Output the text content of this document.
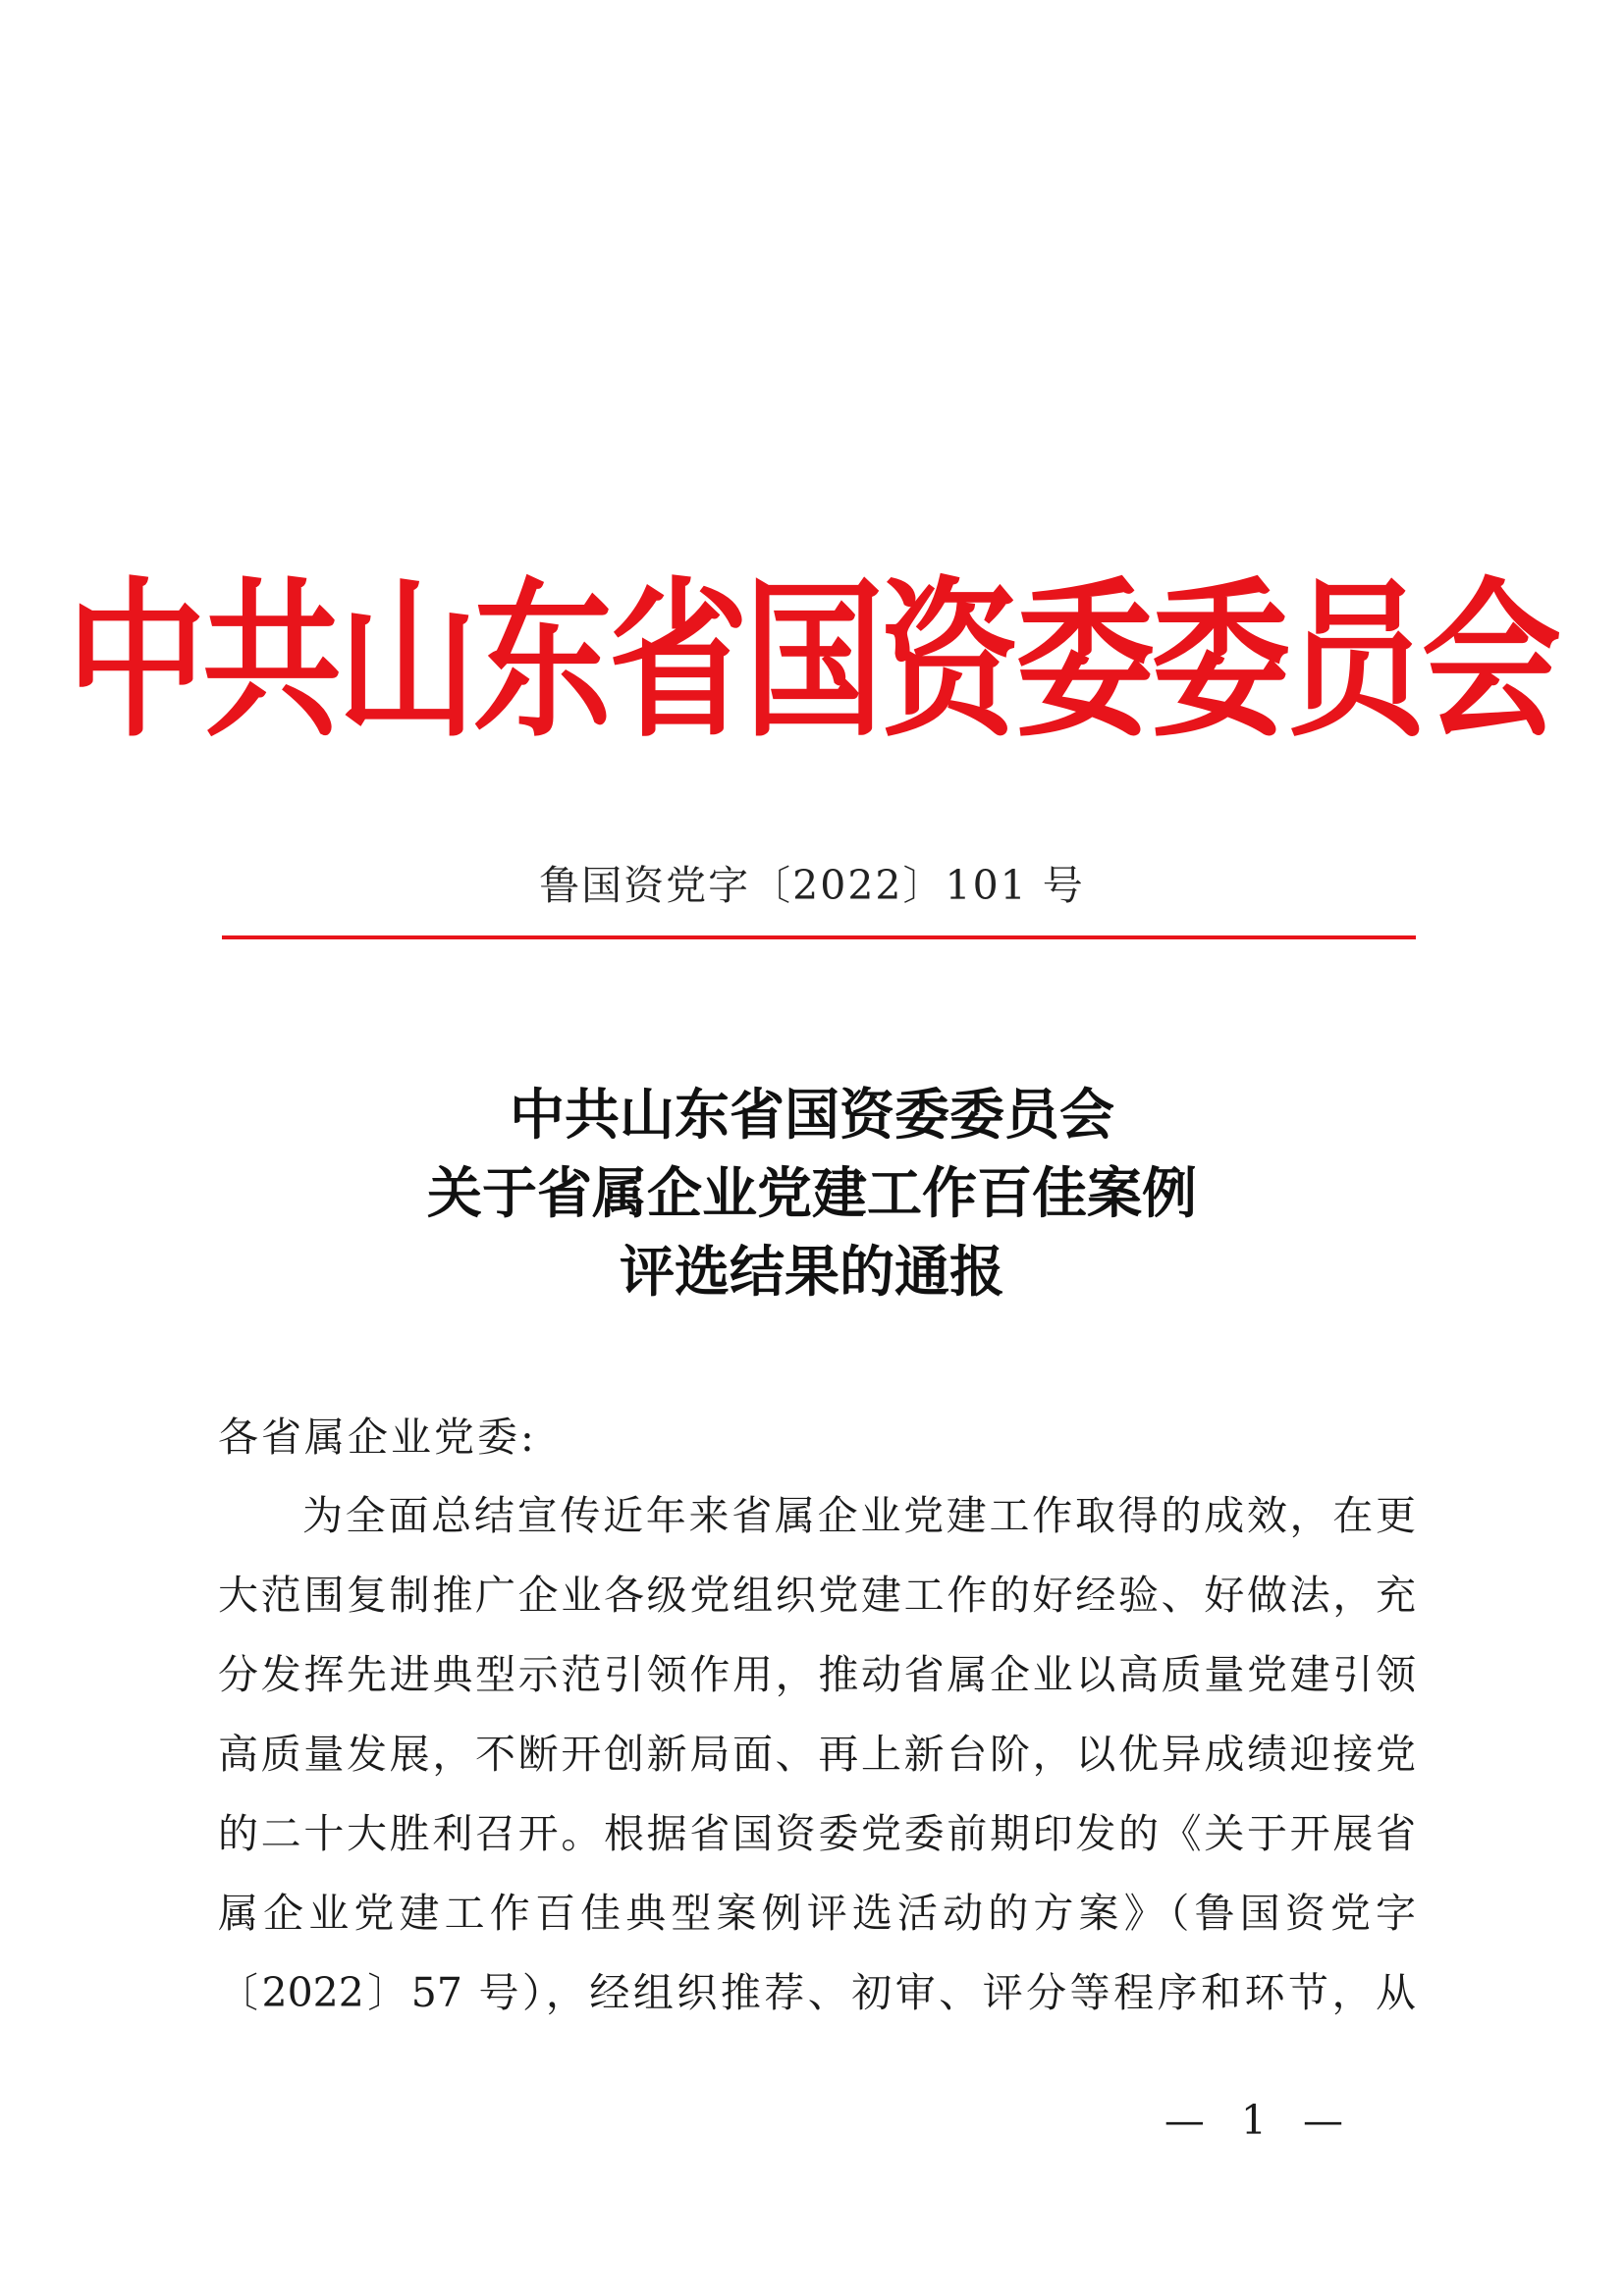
中共山东省国资委委员会
鲁国资党字〔2022〕101 号
中共山东省国资委委员会
关于省属企业党建工作百佳案例
评选结果的通报
各省属企业党委:
为全面总结宣传近年来省属企业党建工作取得的成效，在更
大范围复制推广企业各级党组织党建工作的好经验、好做法，充
分发挥先进典型示范引领作用，推动省属企业以高质量党建引领
高质量发展，不断开创新局面、再上新台阶，以优异成绩迎接党
的二十大胜利召开。根据省国资委党委前期印发的《关于开展省
属企业党建工作百佳典型案例评选活动的方案》（鲁国资党字
〔2022〕57 号），经组织推荐、初审、评分等程序和环节，从
— 1 —
